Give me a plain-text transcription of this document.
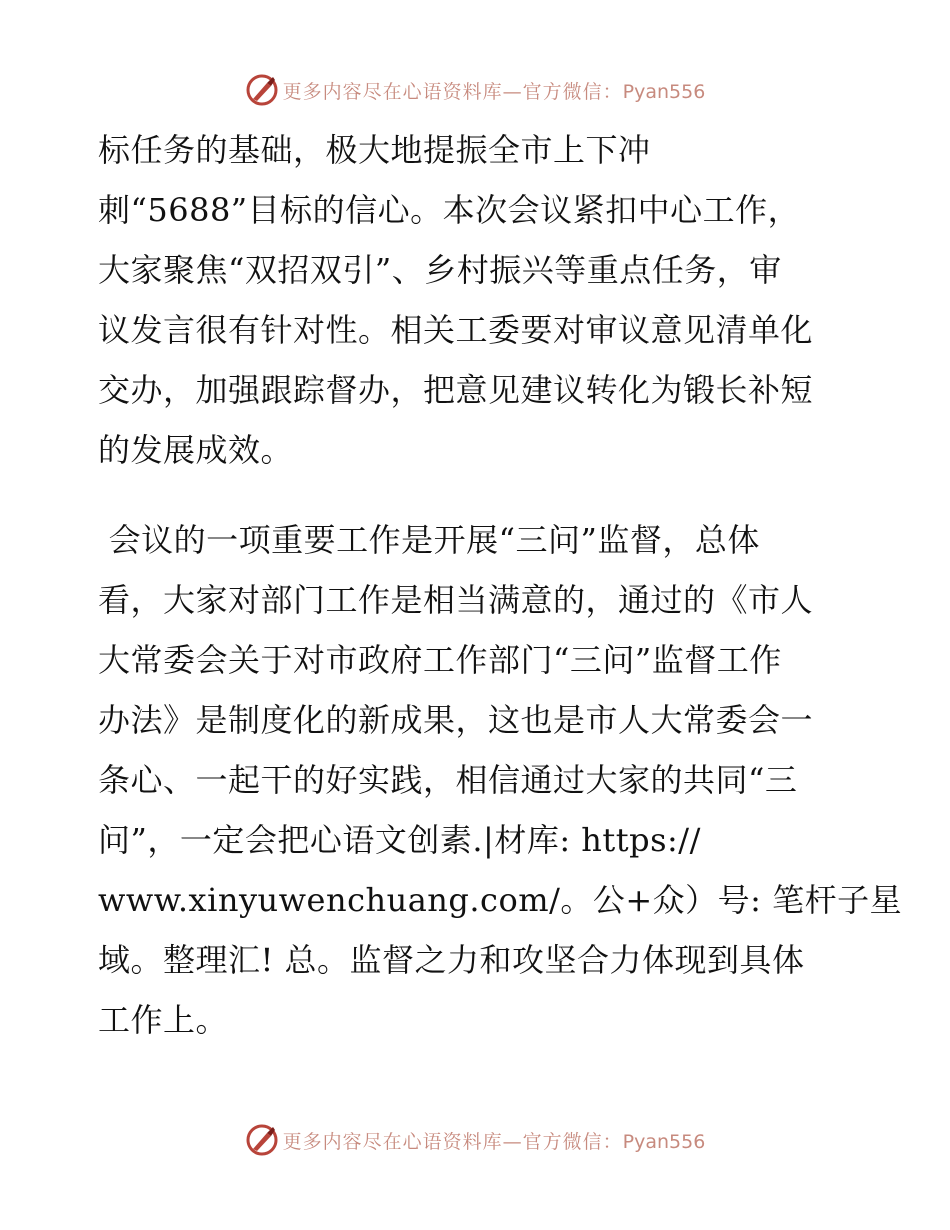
更多内容尽在心语资料库—官方微信：Pyan556
标任务的基础，极大地提振全市上下冲
刺“5688”目标的信心。本次会议紧扣中心工作，
大家聚焦“双招双引”、乡村振兴等重点任务，审
议发言很有针对性。相关工委要对审议意见清单化
交办，加强跟踪督办，把意见建议转化为锻长补短
的发展成效。
会议的一项重要工作是开展“三问”监督，总体
看，大家对部门工作是相当满意的，通过的《市人
大常委会关于对市政府工作部门“三问”监督工作
办法》是制度化的新成果，这也是市人大常委会一
条心、一起干的好实践，相信通过大家的共同“三
问”，一定会把心语文创素.|材库: https://
www.xinyuwenchuang.com/。公+众）号: 笔杆子星
域。整理汇! 总。监督之力和攻坚合力体现到具体
工作上。
更多内容尽在心语资料库—官方微信：Pyan556
